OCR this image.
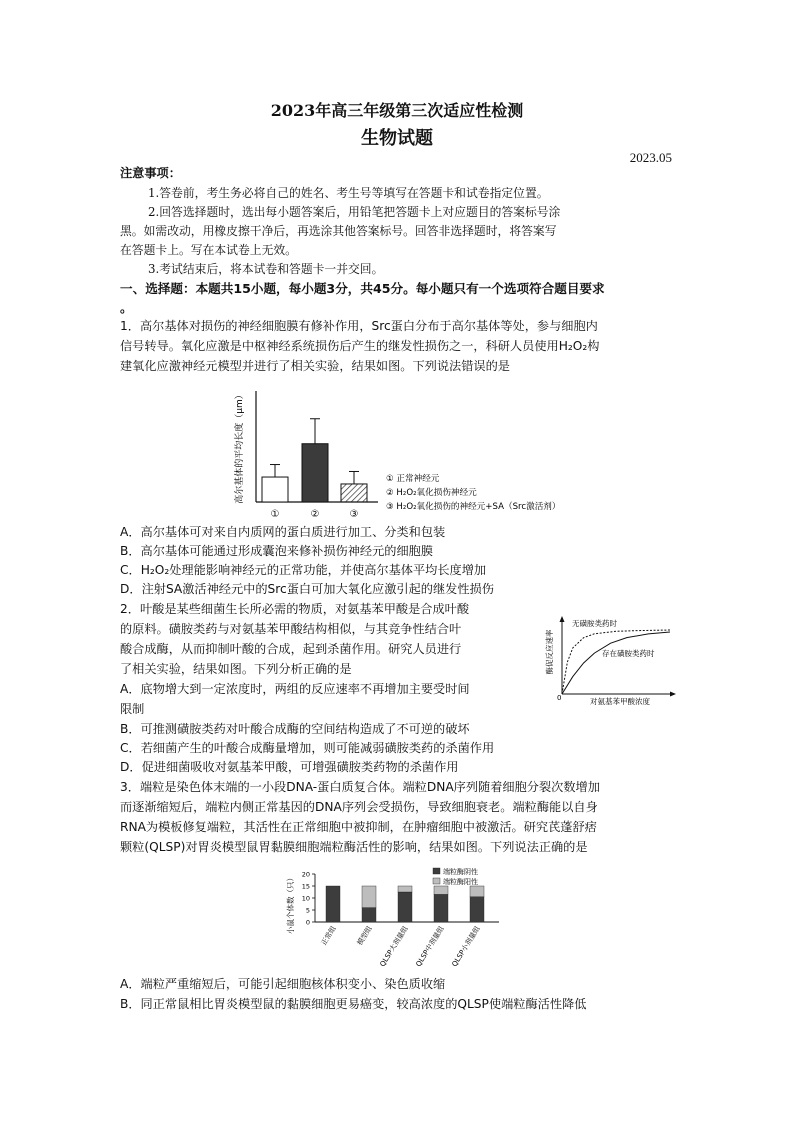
2023年高三年级第三次适应性检测
生物试题
2023.05
注意事项：
1.答卷前，考生务必将自己的姓名、考生号等填写在答题卡和试卷指定位置。
2.回答选择题时，选出每小题答案后，用铅笔把答题卡上对应题目的答案标号涂
黑。如需改动，用橡皮擦干净后，再选涂其他答案标号。回答非选择题时，将答案写
在答题卡上。写在本试卷上无效。
3.考试结束后，将本试卷和答题卡一并交回。
一、选择题：本题共15小题，每小题3分，共45分。每小题只有一个选项符合题目要求
。
1．高尔基体对损伤的神经细胞膜有修补作用，Src蛋白分布于高尔基体等处，参与细胞内
信号转导。氧化应激是中枢神经系统损伤后产生的继发性损伤之一，科研人员使用H₂O₂构
建氧化应激神经元模型并进行了相关实验，结果如图。下列说法错误的是
高尔基体的平均长度（μm）
①	②	③
① 正常神经元
② H₂O₂氧化损伤神经元
③ H₂O₂氧化损伤的神经元+SA（Src激活剂）
A．高尔基体可对来自内质网的蛋白质进行加工、分类和包装
B．高尔基体可能通过形成囊泡来修补损伤神经元的细胞膜
C．H₂O₂处理能影响神经元的正常功能，并使高尔基体平均长度增加
D．注射SA激活神经元中的Src蛋白可加大氧化应激引起的继发性损伤
2．叶酸是某些细菌生长所必需的物质，对氨基苯甲酸是合成叶酸
的原料。磺胺类药与对氨基苯甲酸结构相似，与其竞争性结合叶
酸合成酶，从而抑制叶酸的合成，起到杀菌作用。研究人员进行
了相关实验，结果如图。下列分析正确的是
A．底物增大到一定浓度时，两组的反应速率不再增加主要受时间
限制
酶促反应速率
0	对氨基苯甲酸浓度
无磺胺类药时
存在磺胺类药时
B．可推测磺胺类药对叶酸合成酶的空间结构造成了不可逆的破坏
C．若细菌产生的叶酸合成酶量增加，则可能减弱磺胺类药的杀菌作用
D．促进细菌吸收对氨基苯甲酸，可增强磺胺类药物的杀菌作用
3．端粒是染色体末端的一小段DNA-蛋白质复合体。端粒DNA序列随着细胞分裂次数增加
而逐渐缩短后，端粒内侧正常基因的DNA序列会受损伤，导致细胞衰老。端粒酶能以自身
RNA为模板修复端粒，其活性在正常细胞中被抑制，在肿瘤细胞中被激活。研究芪蓬舒痞
颗粒(QLSP)对胃炎模型鼠胃黏膜细胞端粒酶活性的影响，结果如图。下列说法正确的是
小鼠个体数（只） 0
5
10
15
20
正常组	模型组 QLSP大剂量组 QLSP中剂量组 QLSP小剂量组
端粒酶阴性
端粒酶阳性
A．端粒严重缩短后，可能引起细胞核体积变小、染色质收缩
B．同正常鼠相比胃炎模型鼠的黏膜细胞更易癌变，较高浓度的QLSP使端粒酶活性降低
